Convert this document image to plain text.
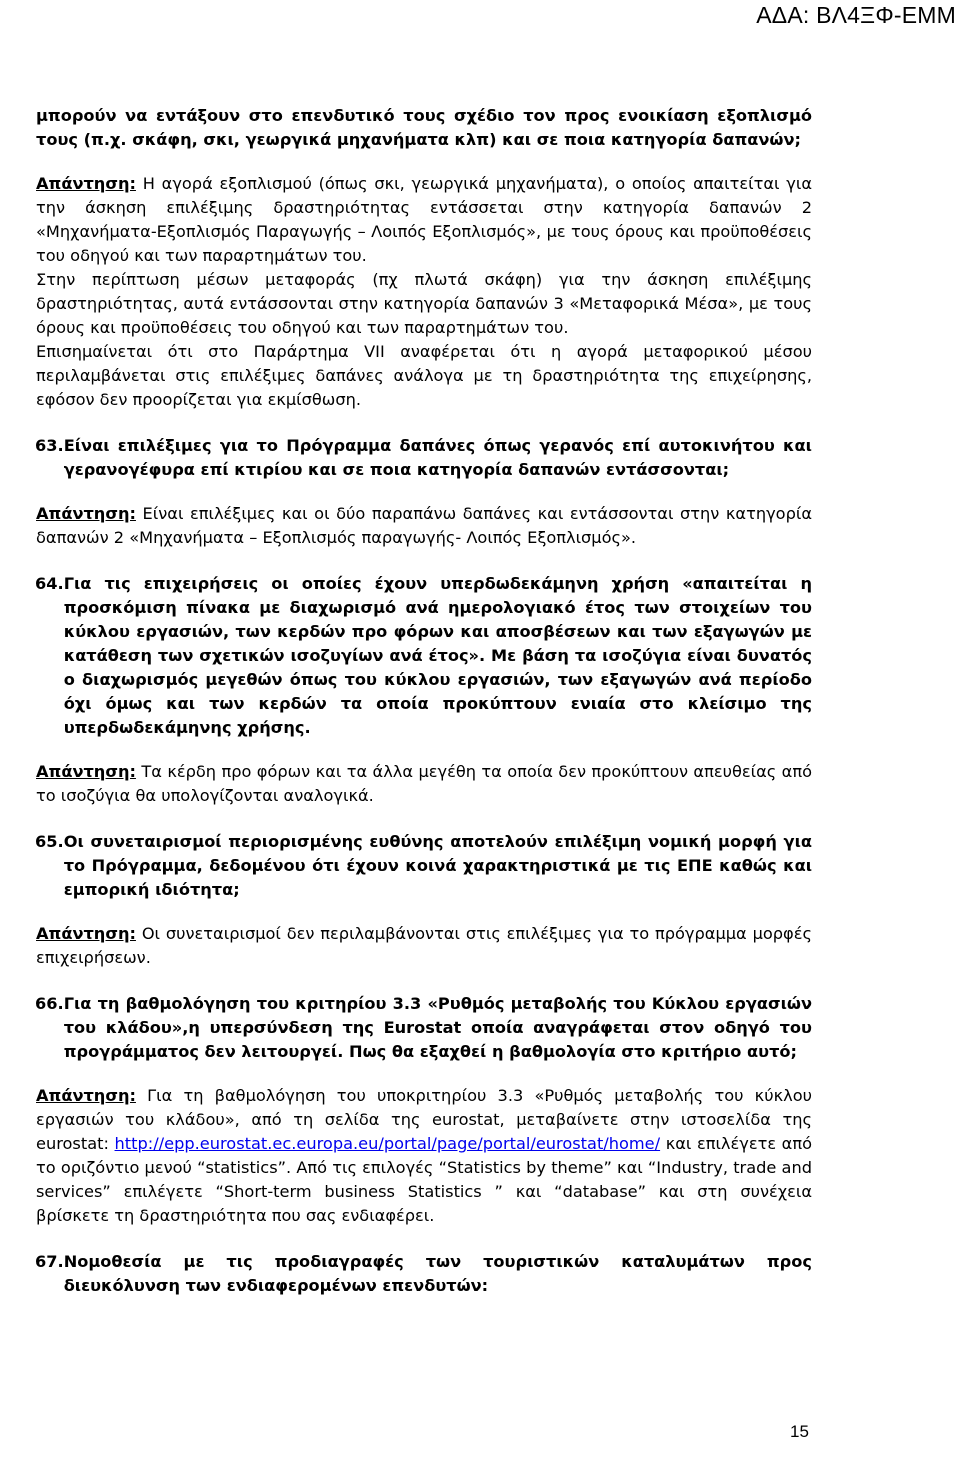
ΑΔΑ: ΒΛ4ΞΦ-ΕΜΜ

μπορούν να εντάξουν στο επενδυτικό τους σχέδιο τον προς ενοικίαση εξοπλισμό τους (π.χ. σκάφη, σκι, γεωργικά μηχανήματα κλπ) και σε ποια κατηγορία δαπανών;

Απάντηση: Η αγορά εξοπλισμού (όπως σκι, γεωργικά μηχανήματα), ο οποίος απαιτείται για την άσκηση επιλέξιμης δραστηριότητας εντάσσεται στην κατηγορία δαπανών 2 «Μηχανήματα-Εξοπλισμός Παραγωγής – Λοιπός Εξοπλισμός», με τους όρους και προϋποθέσεις του οδηγού και των παραρτημάτων του.

Στην περίπτωση μέσων μεταφοράς (πχ πλωτά σκάφη) για την άσκηση επιλέξιμης δραστηριότητας, αυτά εντάσσονται στην κατηγορία δαπανών 3 «Μεταφορικά Μέσα», με τους όρους και προϋποθέσεις του οδηγού και των παραρτημάτων του.

Επισημαίνεται ότι στο Παράρτημα VII αναφέρεται ότι η αγορά μεταφορικού μέσου περιλαμβάνεται στις επιλέξιμες δαπάνες ανάλογα με τη δραστηριότητα της επιχείρησης, εφόσον δεν προορίζεται για εκμίσθωση.

63. Είναι επιλέξιμες για το Πρόγραμμα δαπάνες όπως γερανός επί αυτοκινήτου και γερανογέφυρα επί κτιρίου και σε ποια κατηγορία δαπανών εντάσσονται;

Απάντηση: Είναι επιλέξιμες και οι δύο παραπάνω δαπάνες και εντάσσονται στην κατηγορία δαπανών 2 «Μηχανήματα – Εξοπλισμός παραγωγής- Λοιπός Εξοπλισμός».

64. Για τις επιχειρήσεις οι οποίες έχουν υπερδωδεκάμηνη χρήση «απαιτείται η προσκόμιση πίνακα με διαχωρισμό ανά ημερολογιακό έτος των στοιχείων του κύκλου εργασιών, των κερδών προ φόρων και αποσβέσεων και των εξαγωγών με κατάθεση των σχετικών ισοζυγίων ανά έτος». Με βάση τα ισοζύγια είναι δυνατός ο διαχωρισμός μεγεθών όπως του κύκλου εργασιών, των εξαγωγών ανά περίοδο όχι όμως και των κερδών τα οποία προκύπτουν ενιαία στο κλείσιμο της υπερδωδεκάμηνης χρήσης.

Απάντηση: Τα κέρδη προ φόρων και τα άλλα μεγέθη τα οποία δεν προκύπτουν απευθείας από το ισοζύγια θα υπολογίζονται αναλογικά.

65. Οι συνεταιρισμοί περιορισμένης ευθύνης αποτελούν επιλέξιμη νομική μορφή για το Πρόγραμμα, δεδομένου ότι έχουν κοινά χαρακτηριστικά με τις ΕΠΕ καθώς και εμπορική ιδιότητα;

Απάντηση: Οι συνεταιρισμοί δεν περιλαμβάνονται στις επιλέξιμες για το πρόγραμμα μορφές επιχειρήσεων.

66. Για τη βαθμολόγηση του κριτηρίου 3.3 «Ρυθμός μεταβολής του Κύκλου εργασιών του κλάδου»,η υπερσύνδεση της Eurostat οποία αναγράφεται στον οδηγό του προγράμματος δεν λειτουργεί. Πως θα εξαχθεί η βαθμολογία στο κριτήριο αυτό;

Απάντηση: Για τη βαθμολόγηση του υποκριτηρίου 3.3 «Ρυθμός μεταβολής του κύκλου εργασιών του κλάδου», από τη σελίδα της eurostat, μεταβαίνετε στην ιστοσελίδα της eurostat: http://epp.eurostat.ec.europa.eu/portal/page/portal/eurostat/home/ και επιλέγετε από το οριζόντιο μενού “statistics”. Από τις επιλογές “Statistics by theme” και “Industry, trade and services” επιλέγετε “Short-term business Statistics ” και “database” και στη συνέχεια βρίσκετε τη δραστηριότητα που σας ενδιαφέρει.

67. Νομοθεσία με τις προδιαγραφές των τουριστικών καταλυμάτων προς διευκόλυνση των ενδιαφερομένων επενδυτών:
15
